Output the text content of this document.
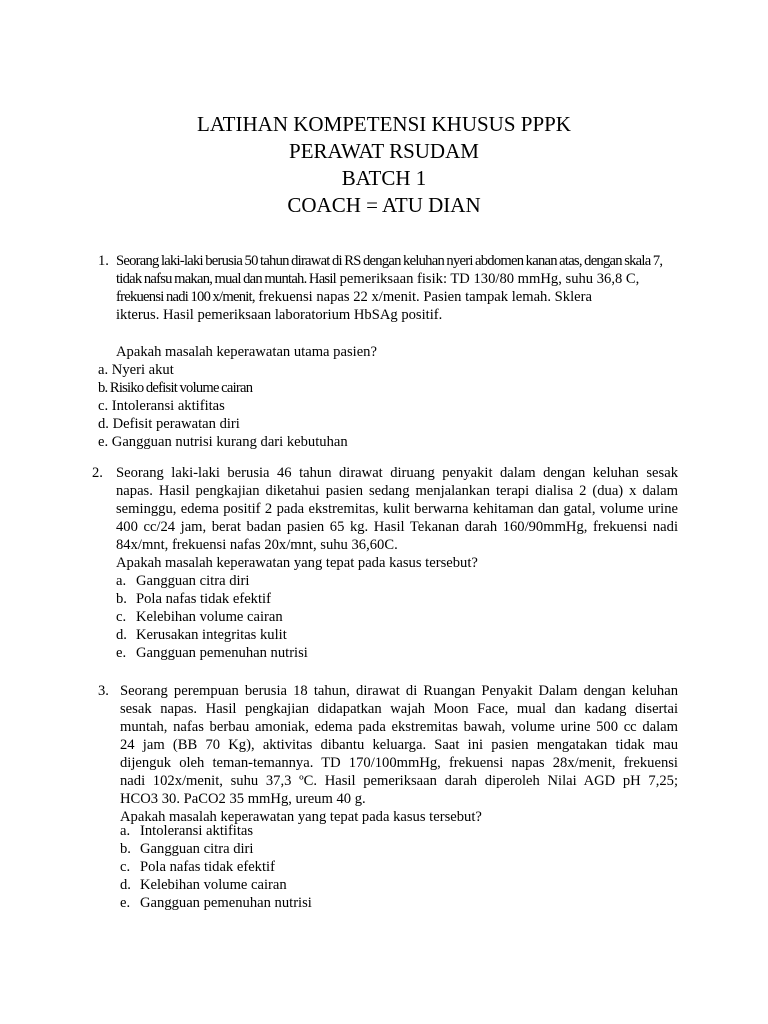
LATIHAN KOMPETENSI KHUSUS PPPK
PERAWAT RSUDAM
BATCH 1
COACH = ATU DIAN
1. Seorang laki-laki berusia 50 tahun dirawat di RS dengan keluhan nyeri abdomen kanan atas, dengan skala 7,
tidak nafsu makan, mual dan muntah. Hasil pemeriksaan fisik: TD 130/80 mmHg, suhu 36,8 C,
frekuensi nadi 100 x/menit, frekuensi napas 22 x/menit. Pasien tampak lemah. Sklera
ikterus. Hasil pemeriksaan laboratorium HbSAg positif.
Apakah masalah keperawatan utama pasien?
a. Nyeri akut
b. Risiko defisit volume cairan
c. Intoleransi aktifitas
d. Defisit perawatan diri
e. Gangguan nutrisi kurang dari kebutuhan
2. Seorang laki-laki berusia 46 tahun dirawat diruang penyakit dalam dengan keluhan sesak
napas. Hasil pengkajian diketahui pasien sedang menjalankan terapi dialisa 2 (dua) x dalam
seminggu, edema positif 2 pada ekstremitas, kulit berwarna kehitaman dan gatal, volume urine
400 cc/24 jam, berat badan pasien 65 kg. Hasil Tekanan darah 160/90mmHg, frekuensi nadi
84x/mnt, frekuensi nafas 20x/mnt, suhu 36,60C.
Apakah masalah keperawatan yang tepat pada kasus tersebut?
a. Gangguan citra diri
b. Pola nafas tidak efektif
c. Kelebihan volume cairan
d. Kerusakan integritas kulit
e. Gangguan pemenuhan nutrisi
3. Seorang perempuan berusia 18 tahun, dirawat di Ruangan Penyakit Dalam dengan keluhan
sesak napas. Hasil pengkajian didapatkan wajah Moon Face, mual dan kadang disertai
muntah, nafas berbau amoniak, edema pada ekstremitas bawah, volume urine 500 cc dalam
24 jam (BB 70 Kg), aktivitas dibantu keluarga. Saat ini pasien mengatakan tidak mau
dijenguk oleh teman-temannya. TD 170/100mmHg, frekuensi napas 28x/menit, frekuensi
nadi 102x/menit, suhu 37,3 ºC. Hasil pemeriksaan darah diperoleh Nilai AGD pH 7,25;
HCO3 30. PaCO2 35 mmHg, ureum 40 g.
Apakah masalah keperawatan yang tepat pada kasus tersebut?
a. Intoleransi aktifitas
b. Gangguan citra diri
c. Pola nafas tidak efektif
d. Kelebihan volume cairan
e. Gangguan pemenuhan nutrisi
